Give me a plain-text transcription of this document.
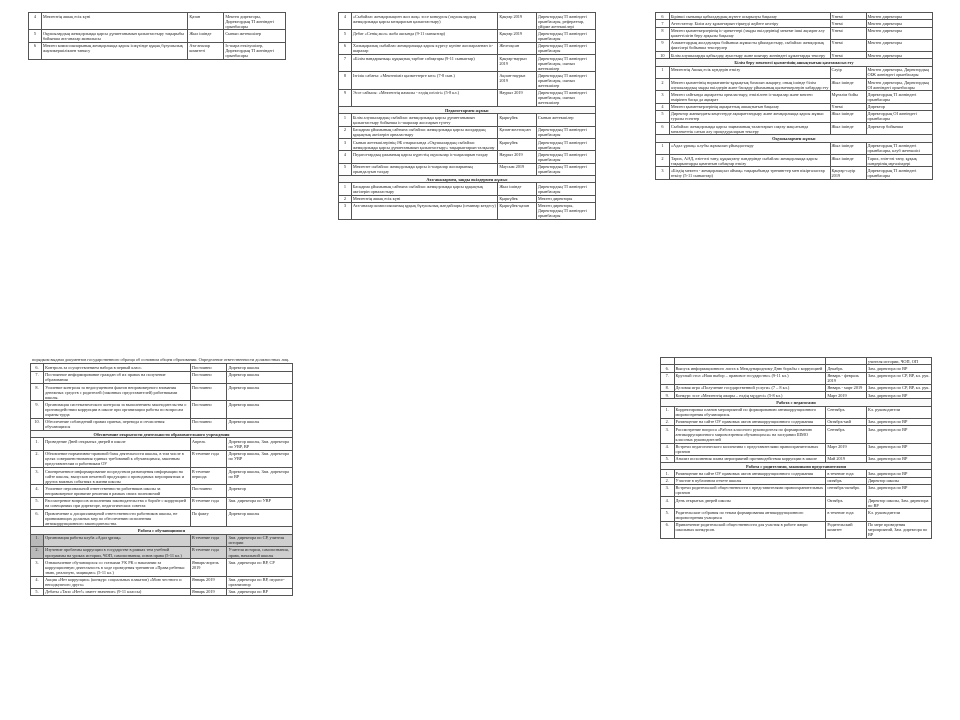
4	Мектептің ашық есік күні	Қазан	Мектеп директоры, Директордың ТІ жөніндегі орынбасары
5	Оқушылардың жемқорлыққа қарсы дүниетанымын қалыптастыру тақырыбы бойынша ата-аналар жиналысы	Жыл ішінде	Сынып жетекшілер
6	Мектеп комиссияларының жемқорлыққа қарсы ісжүзінде құқық бұзушылық жауапкершілікпен танысу	Ата-аналар комитеті	Іс-шара өткізушілер, Директордың ТІ жөніндегі орынбасары
4	«Сыбайлас жемқорлықпен жол жоқ» эссе конкурсы (оқушылардың жемқорлыққа қарсы көзқарасын қалыптастыру)	Қаңтар 2019	Директордың ТІ жөніндегі орынбасары, рефераттар, үйірме жетекшілері
5	Дебат «Сенің жол» жоба аясында (9-11 сыныптар)	Қаңтар 2019	Директордың ТІ жөніндегі орынбасары
6	Халықаралық сыбайлас жемқорлыққа қарсы күресу күніне жоспарланған іс-шаралар	Желтоқсан	Директордың ТІ жөніндегі орынбасары
7	«Білім нандарының» құқықтық тәрбие сабақтары (9-11 сыныптар)	Қаңтар-наурыз 2019	Директордың ТІ жөніндегі орынбасары, сынып жетекшілер
8	Ізгілік сабағы: «Мектепіміз қызметтерге көз» (7-8 сын.)	Ақпан-наурыз 2019	Директордың ТІ жөніндегі орынбасары, сынып жетекшілер
9	Эссе сайысы: «Мектептің иамалы - елдің игілігі» (5-8 кл.)	Наурыз 2019	Директордың ТІ жөніндегі орынбасары, сынып жетекшілер
Педагогтармен жұмыс			
1	Білім алушылардың сыбайлас жемқорлыққа қарсы дүниетанымын қалыптастыру бойынша іс-шаралар жоспарын түзету	Қыркүйек	Сынып жетекшілер
2	Басқарма ұйымының сайтына сыбайлас жемқорлыққа қарсы жолдардың құқықтық актілерін орналастыру	Қазан-желтоқсан	Директордың ТІ жөніндегі орынбасары
3	Сынып жетекшілерінің ӘБ отырысында «Оқушылардың сыбайлас жемқорлыққа қарсы дүниетанымын қалыптастыру» тақырыптарын талқылау	Қыркүйек	Директордың ТІ жөніндегі орынбасары
4	Педагогтардың ұжымның қарсы күрестің оқушылар іс-шараларын талдау	Наурыз 2019	Директордың ТІ жөніндегі орынбасары
5	Мектепте сыбайлас жемқорлыққа қарсы іс-шаралар жоспарының орындалуын талдау	Маусым 2019	Директордың ТІ жөніндегі орынбасары
Ата-аналармен, заңды өкілдермен жұмыс			
1	Басқарма ұйымының сайтына сыбайлас жемқорлыққа қарсы құқықтық актілерін орналастыру	Жыл ішінде	Директордың ТІ жөніндегі орынбасары
2	Мектептің ашық есік күні	Қыркүйек	Мектеп директоры
3	Ата-аналар комиссиясының құқық бұзушылық жағдайлары (семинар кездесу)	Қыркүйек-қазан	Мектеп директоры, Директордың ТІ жөніндегі орынбасары
6	Бірінші сыныпқа қабылдаудың жүзеге асырылуы бақылау	Үнемі	Мектеп директоры
7	Аттестаттау. Білім алу құжаттарын тіркеуді жүйеге келтіру	Үнемі	Мектеп директоры
8	Мектеп қызметкерлерінің іс-әрекеттері (заңды өкілдерінің) мекеме ішкі ақпарат алу қажеттілігін беру арқылы бақылау	Үнемі	Мектеп директоры
9	Азаматтардың жолдаулары бойынша жұмысты ұйымдастыру, сыбайлас жемқорлық фактілері бойынша тексерулер	Үнемі	Мектеп директоры
10	Білім алушыларды қабылдау, ауыстыру және шығару жөніндегі құжаттарды тексеру	Үнемі	Мектеп директоры
Білім беру мекемесі қызметінің ашықтығын қамтамасыз ету			
1	Мектептің Ашық есік күндерін өткізу	Сәуір	Мектеп директоры, Директордың ОІЖ жөніндегі орынбасары
2	Мектеп қызметінің нормативтік-құқықтық базасын жаңарту, оның ішінде білім алушылардың заңды өкілдерін және басқару ұйымының қызметкерлерін хабардар ету	Жыл ішінде	Мектеп директоры, Директордың ОІ жөніндегі орынбасары
3	Мектеп сайтында ақпаратты орналастыру, өткізілген іс-шаралар және мектеп өмірінен басқа да ақпарат	Мұғалім бойы	Директордың ТІ жөніндегі орынбасары
4	Мектеп қызметкерлерінің ақпараттық ашықтығын бақылау	Үнемі	Директор
5	Директор жанындағы кеңестерде ақпараттандыру және жемқорлыққа қарсы жұмыс туралы есептер	Жыл ішінде	Директордың ОІ жөніндегі орынбасары
6	Сыбайлас жемқорлыққа қарсы заңнаманың талаптарын сақтау мақсатында мемлекеттік сатып алу процедураларын тексеру	Жыл ішінде	Директор бойынша
Оқушылармен жұмыс			
1	«Адал ұрпақ» клубы жұмысын ұйымдастыру	Жыл ішінде	Директордың ТІ жөніндегі орынбасары, клуб жетекшісі
2	Тарих, АӘД, өзін-өзі тану, құқықтану пәндерінде сыбайлас жемқорлыққа қарсы тақырыптарды қамтитын сабақтар өткізу	Жыл ішінде	Тарих, өзін-өзі тану, құқық пәндерінің мұғалімдері
3	«Біздің мектеп - жемқорлықсыз аймақ» тақырыбында тренингтер мен пікірталастар өткізу (5-11 сыныптар)	Қаңтар-сәуір 2019	Директордың ТІ жөніндегі орынбасары
порядком выдачи документов государственного образца об основном общем образовании. Определение ответственности должностных лиц.
6.	Контроль за осуществлением набора в первый класс.	Постоянно	Директор школы
7.	Постоянное информирование граждан об их правах на получение образования	Постоянно	Директор школы
8.	Усиление контроля за недопущением фактов неправомерного взимания денежных средств с родителей (законных представителей) работниками школы.	Постоянно	Директор школы
9.	Организация систематического контроля за выполнением законодательства о противодействии коррупции в школе при организации работы по вопросам охраны труда	Постоянно	Директор школы
10.	Обеспечение соблюдений правил приема, перевода и отчисления обучающихся	Постоянно	Директор школы
Обеспечение открытости деятельности образовательного учреждения			
1.	Проведение Дней открытых дверей в школе	Апрель	Директор школы, Зам. директора по УВР, ВР
2.	Обновление нормативно-правовой базы деятельности школы, в том числе в целях совершенствования единых требований к обучающимся, законным представителям и работникам ОУ	В течение года	Директор школы, Зам. директора по УВР
3.	Своевременное информирование посредством размещения информации на сайте школы, выпусков печатной продукции о проводимых мероприятиях и других важных событиях в жизни школы	В течение периода	Директор школы, Зам. директора по ВР
4.	Усиление персональной ответственности работников школы за неправомерное принятие решения в рамках своих полномочий	Постоянно	Директор
5.	Рассмотрение вопросов исполнения законодательства о борьбе с коррупцией на совещаниях при директоре, педагогических советах	В течение года	Зам. директора по УВР
6.	Привлечение к дисциплинарной ответственности работников школы, не принимающих должных мер по обеспечению исполнения антикоррупционного законодательства.	По факту	Директор школы
Работа с обучающимися			
1.	Организация работы клуба «Адал ұрпақ»	В течение года	Зам. директора по СР, учителя истории
2.	Изучение проблемы коррупции в государстве в рамках тем учебной программы на уроках истории, ЧОП, самопознания, основ права (5-11 кл.)	В течение года	Учителя истории, самопознания, права, начальной школы
3.	Ознакомление обучающихся со статьями УК РК о наказании за коррупционную деятельность в ходе проведения тренингов «Права ребенка: знаю, реализую, защищаю» (5-11 кл.)	Январь-апрель 2019	Зам. директора по ВР, СР
4.	Акция «Нет коррупции» (конкурс социальных плакатов) «Мою честного и неподкупного друга»	Январь 2019	Зам. директора по ВР, педагог-организатор
5.	Дебаты «Тапо «Нет!» имеет значение» (9-11 классы)	Январь 2019	Зам. директора по ВР
			учителя истории, ЧОП, ОП
6.	Выпуск информационного листа к Международному Дню борьбы с коррупцией	Декабрь	Зам. директора по ВР
7.	Круглый стол «Наш выбор – правовое государство» (9-11 кл.)	Январь - февраль 2019	Зам. директора по СР, ВР, кл. рук.
8.	Деловая игра «Получение государственной услуги» (7 – 8 кл.)	Январь - март 2019	Зам. директора по СР, ВР, кл. рук.
9.	Конкурс эссе «Мектептің ажары – елдің мүддесі» (5-8 кл.)	Март 2019	Зам. директора по ВР
Работа с педагогами			
1.	Корректировка планов мероприятий по формированию антикоррупционного мировоззрения обучающихся.	Сентябрь	Кл. руководители
2.	Размещение на сайте ОУ правовых актов антикоррупционного содержания	Октябрь-май	Зам. директора по ВР
3.	Рассмотрение вопроса «Работа классного руководителя по формированию антикоррупционного мировоззрения обучающихся» на заседании ШМО классных руководителей	Сентябрь	Зам. директора по ВР
4.	Встречи педагогического коллектива с представителями правоохранительных органов	Март 2019	Зам. директора по ВР
5.	Анализ исполнения плана мероприятий противодействия коррупции в школе	Май 2019	Зам. директора по ВР
Работа с родителями, законными представителями			
1.	Размещение на сайте ОУ правовых актов антикоррупционного содержания	в течение года	Зам. директора по ВР
2.	Участие в публичном отчете школы	октябрь	Директор школы
3.	Встречи родительской общественности с представителями правоохранительных органов	сентябрь-октябрь	Зам. директора по ВР
4.	День открытых дверей школы	Октябрь	Директор школы, Зам. директора по ВР
5.	Родительские собрания по темам формирования антикоррупционного мировоззрения учащихся	в течение года	Кл. руководители
6.	Привлечение родительской общественности для участия в работе жюри школьных конкурсов.	Родительский комитет	По мере проведения мероприятий, Зам. директора по ВР
